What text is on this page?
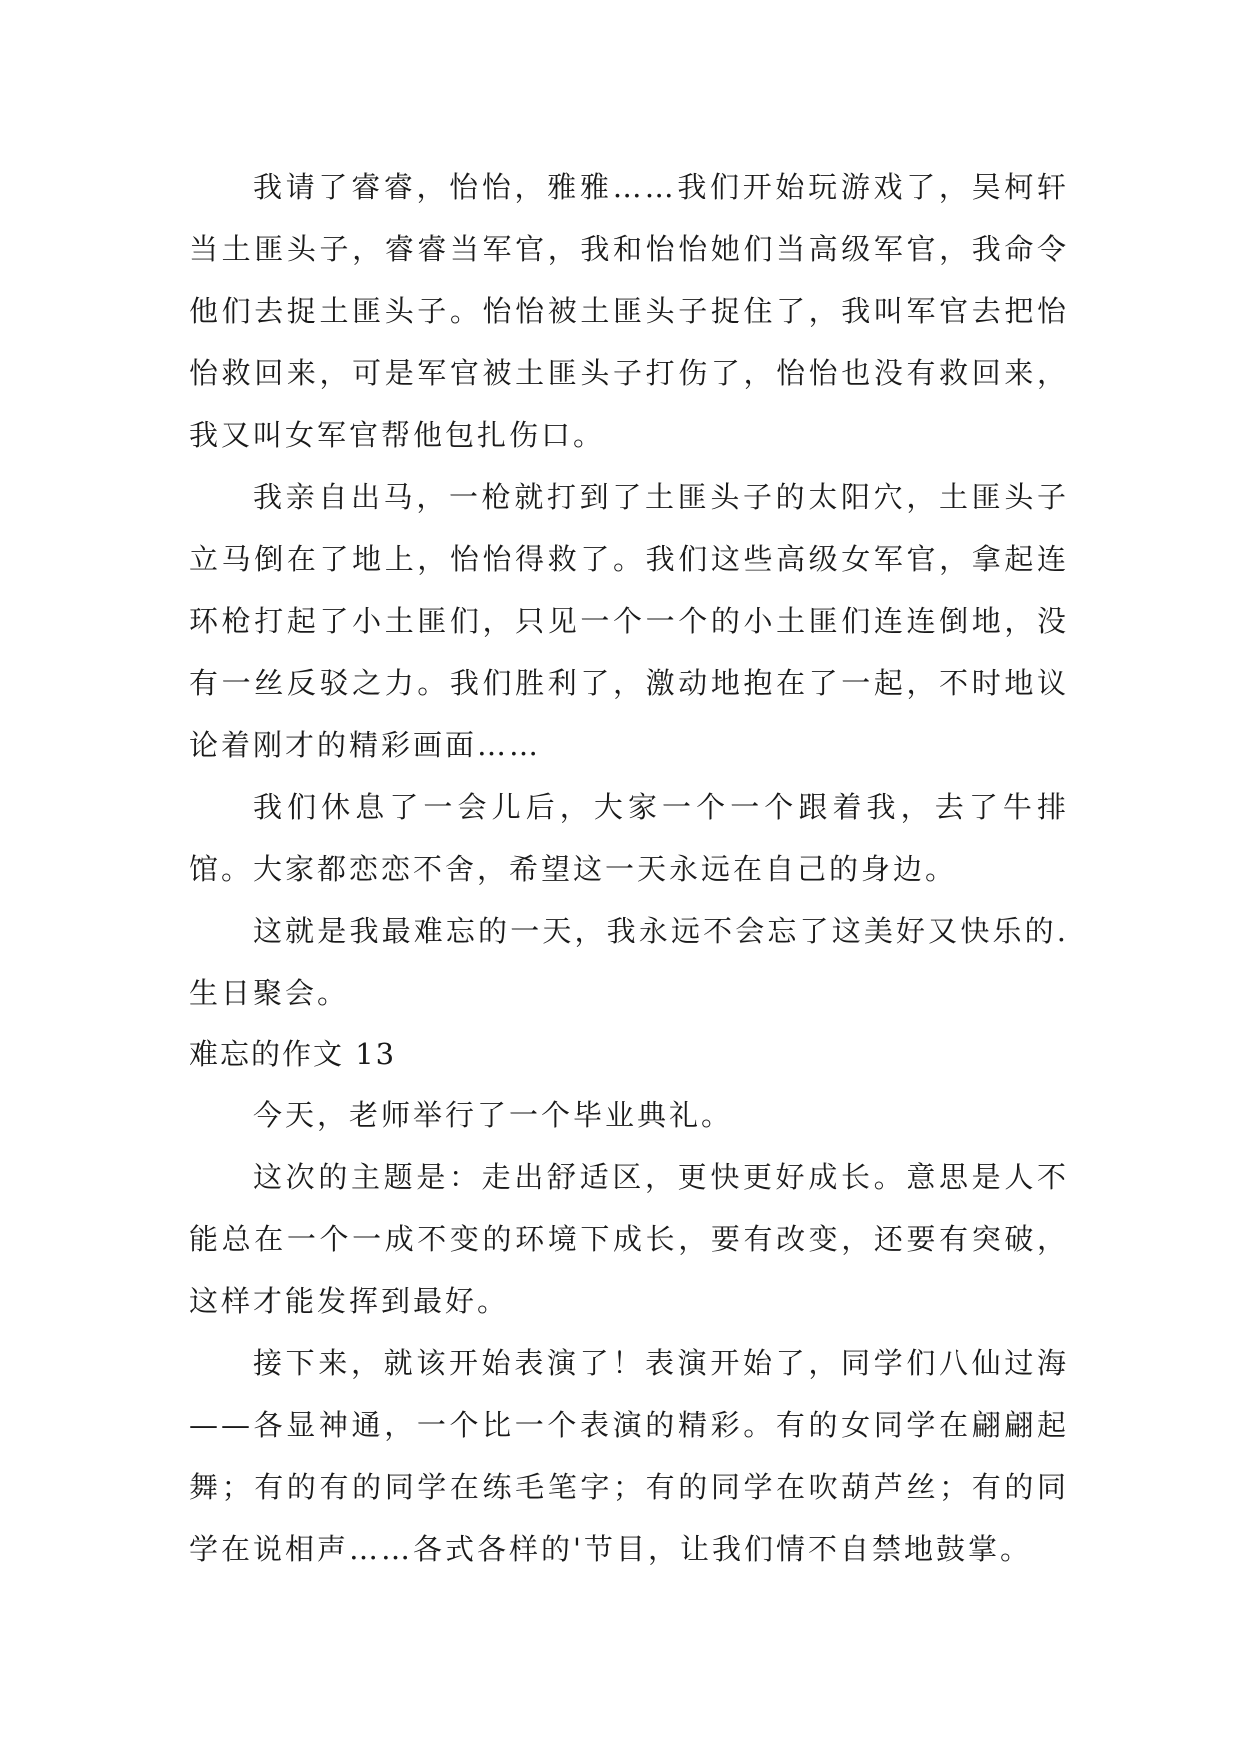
我请了睿睿，怡怡，雅雅……我们开始玩游戏了，吴柯轩当土匪头子，睿睿当军官，我和怡怡她们当高级军官，我命令他们去捉土匪头子。怡怡被土匪头子捉住了，我叫军官去把怡怡救回来，可是军官被土匪头子打伤了，怡怡也没有救回来，我又叫女军官帮他包扎伤口。

我亲自出马，一枪就打到了土匪头子的太阳穴，土匪头子立马倒在了地上，怡怡得救了。我们这些高级女军官，拿起连环枪打起了小土匪们，只见一个一个的小土匪们连连倒地，没有一丝反驳之力。我们胜利了，激动地抱在了一起，不时地议论着刚才的精彩画面……

我们休息了一会儿后，大家一个一个跟着我，去了牛排馆。大家都恋恋不舍，希望这一天永远在自己的身边。

这就是我最难忘的一天，我永远不会忘了这美好又快乐的.生日聚会。

难忘的作文 13

今天，老师举行了一个毕业典礼。

这次的主题是：走出舒适区，更快更好成长。意思是人不能总在一个一成不变的环境下成长，要有改变，还要有突破，这样才能发挥到最好。

接下来，就该开始表演了！表演开始了，同学们八仙过海——各显神通，一个比一个表演的精彩。有的女同学在翩翩起舞；有的有的同学在练毛笔字；有的同学在吹葫芦丝；有的同学在说相声……各式各样的'节目，让我们情不自禁地鼓掌。
